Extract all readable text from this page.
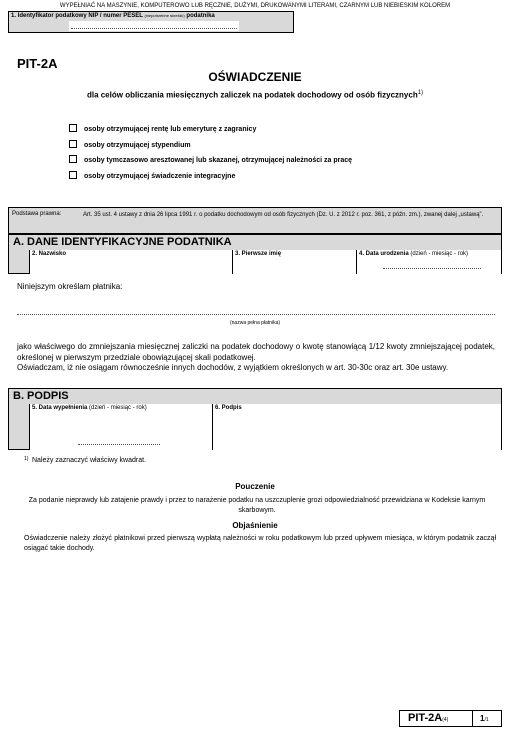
WYPEŁNIAĆ NA MASZYNIE, KOMPUTEROWO LUB RĘCZNIE, DUŻYMI, DRUKOWANYMI LITERAMI, CZARNYM LUB NIEBIESKIM KOLOREM
1. Identyfikator podatkowy NIP / numer PESEL (niepotrzebne skreślić) podatnika
PIT-2A
OŚWIADCZENIE
dla celów obliczania miesięcznych zaliczek na podatek dochodowy od osób fizycznych$^{1)}$
osoby otrzymującej rentę lub emeryturę z zagranicy
osoby otrzymującej stypendium
osoby tymczasowo aresztowanej lub skazanej, otrzymującej należności za pracę
osoby otrzymującej świadczenie integracyjne
Podstawa prawna:	Art. 35 ust. 4 ustawy z dnia 26 lipca 1991 r. o podatku dochodowym od osób fizycznych (Dz. U. z 2012 r. poz. 361, z późn. zm.), zwanej dalej „ustawą”.
A. DANE IDENTYFIKACYJNE PODATNIKA
2. Nazwisko	3. Pierwsze imię	4. Data urodzenia (dzień - miesiąc - rok)
Niniejszym określam płatnika:
(nazwa pełna płatnika)
jako właściwego do zmniejszania miesięcznej zaliczki na podatek dochodowy o kwotę stanowiącą 1/12 kwoty zmniejszającej podatek, określonej w pierwszym przedziale obowiązującej skali podatkowej.
Oświadczam, iż nie osiągam równocześnie innych dochodów, z wyjątkiem określonych w art. 30-30c oraz art. 30e ustawy.
B. PODPIS
5. Data wypełnienia (dzień - miesiąc - rok)	6. Podpis
1) Należy zaznaczyć właściwy kwadrat.
Pouczenie
Za podanie nieprawdy lub zatajenie prawdy i przez to narażenie podatku na uszczuplenie grozi odpowiedzialność przewidziana w Kodeksie karnym skarbowym.
Objaśnienie
Oświadczenie należy złożyć płatnikowi przed pierwszą wypłatą należności w roku podatkowym lub przed upływem miesiąca, w którym podatnik zaczął osiągać takie dochody.
PIT-2A(4)	1/1
